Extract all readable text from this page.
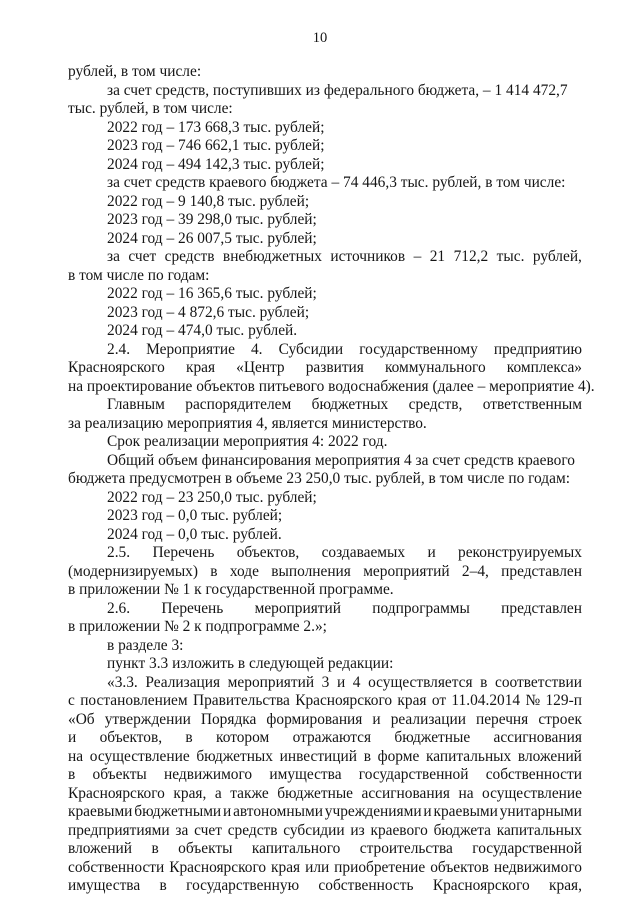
10
рублей, в том числе:
за счет средств, поступивших из федерального бюджета, – 1 414 472,7
тыс. рублей, в том числе:
2022 год – 173 668,3 тыс. рублей;
2023 год – 746 662,1 тыс. рублей;
2024 год – 494 142,3 тыс. рублей;
за счет средств краевого бюджета – 74 446,3 тыс. рублей, в том числе:
2022 год – 9 140,8 тыс. рублей;
2023 год – 39 298,0 тыс. рублей;
2024 год – 26 007,5 тыс. рублей;
за счет средств внебюджетных источников – 21 712,2 тыс. рублей,
в том числе по годам:
2022 год – 16 365,6 тыс. рублей;
2023 год – 4 872,6 тыс. рублей;
2024 год – 474,0 тыс. рублей.
2.4. Мероприятие 4. Субсидии государственному предприятию
Красноярского края «Центр развития коммунального комплекса»
на проектирование объектов питьевого водоснабжения (далее – мероприятие 4).
Главным распорядителем бюджетных средств, ответственным
за реализацию мероприятия 4, является министерство.
Срок реализации мероприятия 4: 2022 год.
Общий объем финансирования мероприятия 4 за счет средств краевого
бюджета предусмотрен в объеме 23 250,0 тыс. рублей, в том числе по годам:
2022 год – 23 250,0 тыс. рублей;
2023 год – 0,0 тыс. рублей;
2024 год – 0,0 тыс. рублей.
2.5. Перечень объектов, создаваемых и реконструируемых
(модернизируемых) в ходе выполнения мероприятий 2–4, представлен
в приложении № 1 к государственной программе.
2.6. Перечень мероприятий подпрограммы представлен
в приложении № 2 к подпрограмме 2.»;
в разделе 3:
пункт 3.3 изложить в следующей редакции:
«3.3. Реализация мероприятий 3 и 4 осуществляется в соответствии
с постановлением Правительства Красноярского края от 11.04.2014 № 129-п
«Об утверждении Порядка формирования и реализации перечня строек
и объектов, в котором отражаются бюджетные ассигнования
на осуществление бюджетных инвестиций в форме капитальных вложений
в объекты недвижимого имущества государственной собственности
Красноярского края, а также бюджетные ассигнования на осуществление
краевыми бюджетными и автономными учреждениями и краевыми унитарными
предприятиями за счет средств субсидии из краевого бюджета капитальных
вложений в объекты капитального строительства государственной
собственности Красноярского края или приобретение объектов недвижимого
имущества в государственную собственность Красноярского края,
